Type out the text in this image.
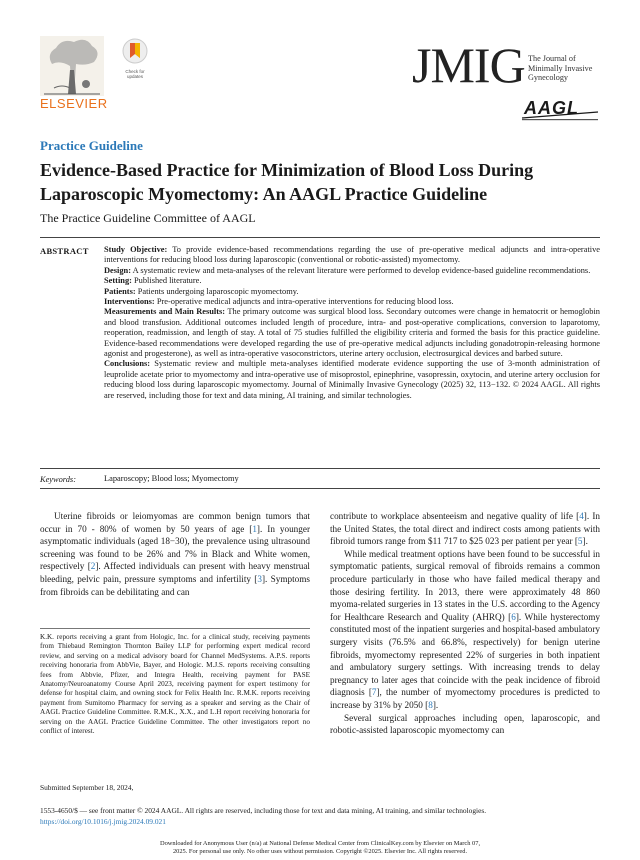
ELSEVIER
Check for
updates	JMIG The Journal of
Minimally Invasive
Gynecology
AAGL
Practice Guideline
Evidence-Based Practice for Minimization of Blood Loss During Laparoscopic Myomectomy: An AAGL Practice Guideline
The Practice Guideline Committee of AAGL
ABSTRACT Study Objective: To provide evidence-based recommendations regarding the use of pre-operative medical adjuncts and intra-operative interventions for reducing blood loss during laparoscopic (conventional or robotic-assisted) myomectomy.

Design: A systematic review and meta-analyses of the relevant literature were performed to develop evidence-based guideline recommendations.

Setting: Published literature.

Patients: Patients undergoing laparoscopic myomectomy.

Interventions: Pre-operative medical adjuncts and intra-operative interventions for reducing blood loss.

Measurements and Main Results: The primary outcome was surgical blood loss. Secondary outcomes were change in hematocrit or hemoglobin and blood transfusion. Additional outcomes included length of procedure, intra- and post-operative complications, conversion to laparotomy, reoperation, readmission, and length of stay. A total of 75 studies fulfilled the eligibility criteria and formed the basis for this practice guideline. Evidence-based recommendations were developed regarding the use of pre-operative medical adjuncts including gonadotropin-releasing hormone agonist and progesterone), as well as intra-operative vasoconstrictors, uterine artery occlusion, electrosurgical devices and barbed suture.

Conclusions: Systematic review and multiple meta-analyses identified moderate evidence supporting the use of 3-month administration of leuprolide acetate prior to myomectomy and intra-operative use of misoprostol, epinephrine, vasopressin, oxytocin, and uterine artery occlusion for reducing blood loss during laparoscopic myomectomy. Journal of Minimally Invasive Gynecology (2025) 32, 113−132. © 2024 AAGL. All rights are reserved, including those for text and data mining, AI training, and similar technologies.

Keywords:	Laparoscopy; Blood loss; Myomectomy

Uterine fibroids or leiomyomas are common benign tumors that occur in 70 - 80% of women by 50 years of age [1]. In younger asymptomatic individuals (aged 18−30), the prevalence using ultrasound screening was found to be 26% and 7% in Black and White women, respectively [2]. Affected individuals can present with heavy menstrual bleeding, pelvic pain, pressure symptoms and infertility [3]. Symptoms from fibroids can be debilitating and can

contribute to workplace absenteeism and negative quality of life [4]. In the United States, the total direct and indirect costs among patients with fibroid tumors range from $11 717 to $25 023 per patient per year [5].

While medical treatment options have been found to be successful in symptomatic patients, surgical removal of fibroids remains a common procedure particularly in those who have failed medical therapy and those desiring fertility. In 2013, there were approximately 48 860 myoma-related surgeries in 13 states in the U.S. according to the Agency for Healthcare Research and Quality (AHRQ) [6]. While hysterectomy constituted most of the inpatient surgeries and hospital-based ambulatory surgery visits (76.5% and 66.8%, respectively) for benign uterine fibroids, myomectomy represented 22% of surgeries in both inpatient and ambulatory surgery settings. With increasing trends to delay pregnancy to later ages that coincide with the peak incidence of fibroid diagnosis [7], the number of myomectomy procedures is predicted to increase by 31% by 2050 [8].

Several surgical approaches including open, laparoscopic, and robotic-assisted laparoscopic myomectomy can

K.K. reports receiving a grant from Hologic, Inc. for a clinical study, receiving payments from Thiebaud Remington Thornton Bailey LLP for performing expert medical record review, and serving on a medical advisory board for Channel MedSystems. A.P.S. reports receiving honoraria from AbbVie, Bayer, and Hologic. M.J.S. reports receiving consulting fees from Abbvie, Pfizer, and Integra Health, receiving payment for PASE Anatomy/Neuroanatomy Course April 2023, receiving payment for expert testimony for defense for hospital claim, and owning stock for Felix Health Inc. R.M.K. reports receiving payment from Sumitomo Pharmacy for serving as a speaker and serving as the Chair of AAGL Practice Guideline Committee. R.M.K., X.X., and L.H report receiving honoraria for serving on the AAGL Practice Guideline Committee. The other investigators report no conflict of interest.
Submitted September 18, 2024,
1553-4650/$ — see front matter © 2024 AAGL. All rights are reserved, including those for text and data mining, AI training, and similar technologies.
https://doi.org/10.1016/j.jmig.2024.09.021
Downloaded for Anonymous User (n/a) at National Defense Medical Center from ClinicalKey.com by Elsevier on March 07,
2025. For personal use only. No other uses without permission. Copyright ©2025. Elsevier Inc. All rights reserved.
